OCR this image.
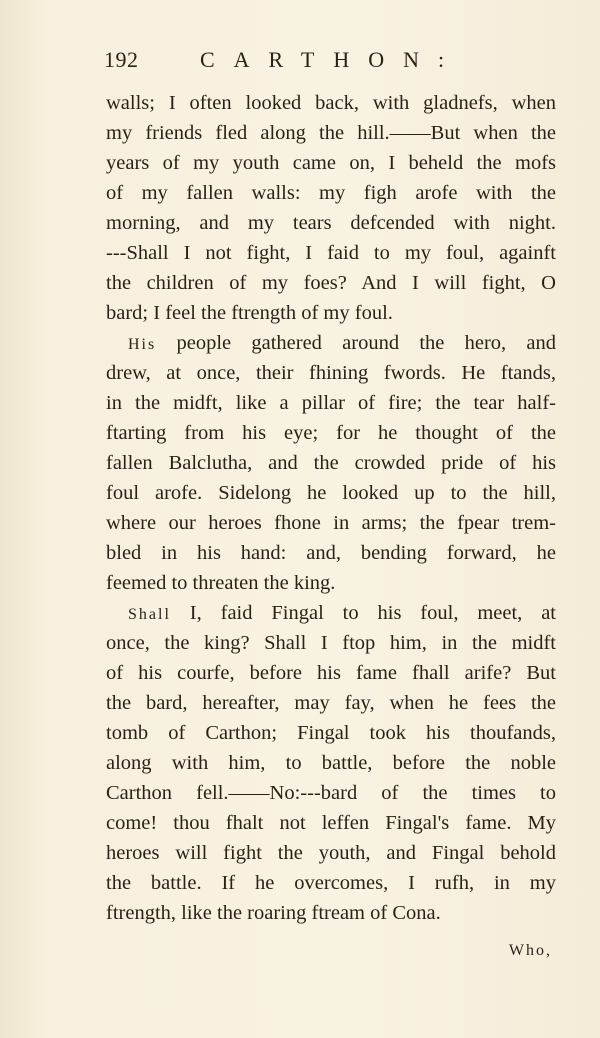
192	CARTHON:
walls; I often looked back, with gladnefs, when
my friends fled along the hill.——But when the
years of my youth came on, I beheld the mofs
of my fallen walls: my figh arofe with the
morning, and my tears defcended with night.
---Shall I not fight, I faid to my foul, againft
the children of my foes? And I will fight, O
bard; I feel the ftrength of my foul.
His people gathered around the hero, and
drew, at once, their fhining fwords. He ftands,
in the midft, like a pillar of fire; the tear half-
ftarting from his eye; for he thought of the
fallen Balclutha, and the crowded pride of his
foul arofe. Sidelong he looked up to the hill,
where our heroes fhone in arms; the fpear trem-
bled in his hand: and, bending forward, he
feemed to threaten the king.
Shall I, faid Fingal to his foul, meet, at
once, the king? Shall I ftop him, in the midft
of his courfe, before his fame fhall arife? But
the bard, hereafter, may fay, when he fees the
tomb of Carthon; Fingal took his thoufands,
along with him, to battle, before the noble
Carthon fell.——No:---bard of the times to
come! thou fhalt not leffen Fingal's fame. My
heroes will fight the youth, and Fingal behold
the battle. If he overcomes, I rufh, in my
ftrength, like the roaring ftream of Cona.
Who,
